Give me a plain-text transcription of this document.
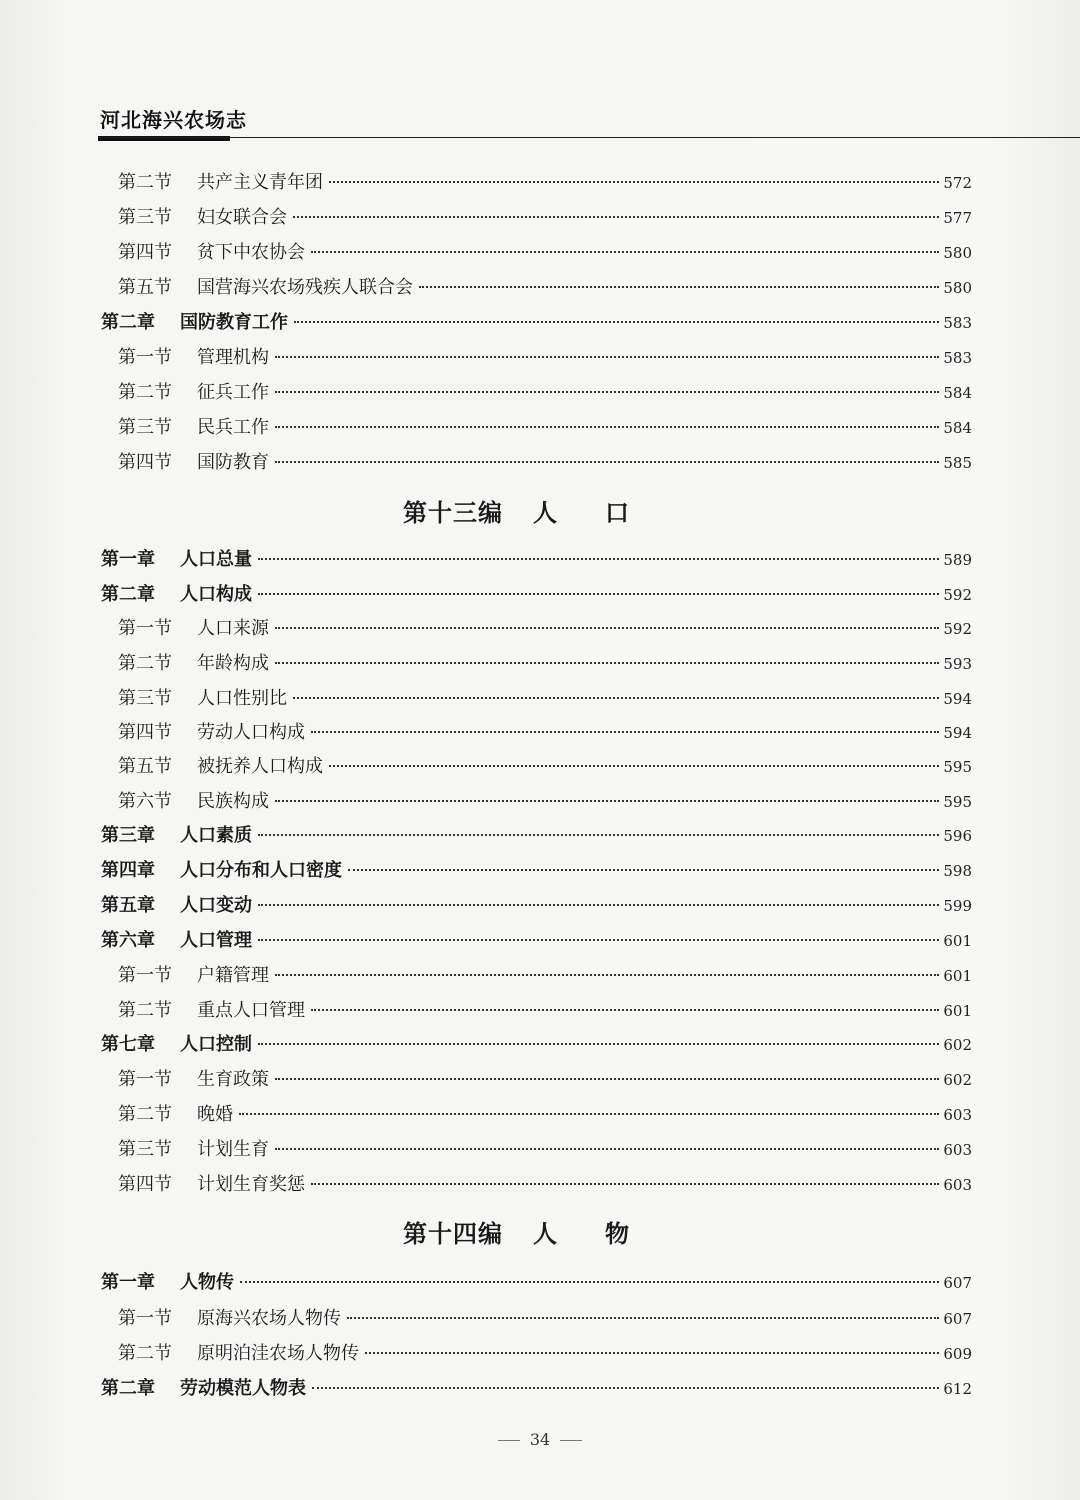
河北海兴农场志
第二节	共产主义青年团	572
第三节	妇女联合会	577
第四节	贫下中农协会	580
第五节	国营海兴农场残疾人联合会	580
第二章	国防教育工作	583
第一节	管理机构	583
第二节	征兵工作	584
第三节	民兵工作	584
第四节	国防教育	585
第十三编 人口
第一章	人口总量	589
第二章	人口构成	592
第一节	人口来源	592
第二节	年龄构成	593
第三节	人口性别比	594
第四节	劳动人口构成	594
第五节	被抚养人口构成	595
第六节	民族构成	595
第三章	人口素质	596
第四章	人口分布和人口密度	598
第五章	人口变动	599
第六章	人口管理	601
第一节	户籍管理	601
第二节	重点人口管理	601
第七章	人口控制	602
第一节	生育政策	602
第二节	晚婚	603
第三节	计划生育	603
第四节	计划生育奖惩	603
第十四编 人物
第一章	人物传	607
第一节	原海兴农场人物传	607
第二节	原明泊洼农场人物传	609
第二章	劳动模范人物表	612
34
